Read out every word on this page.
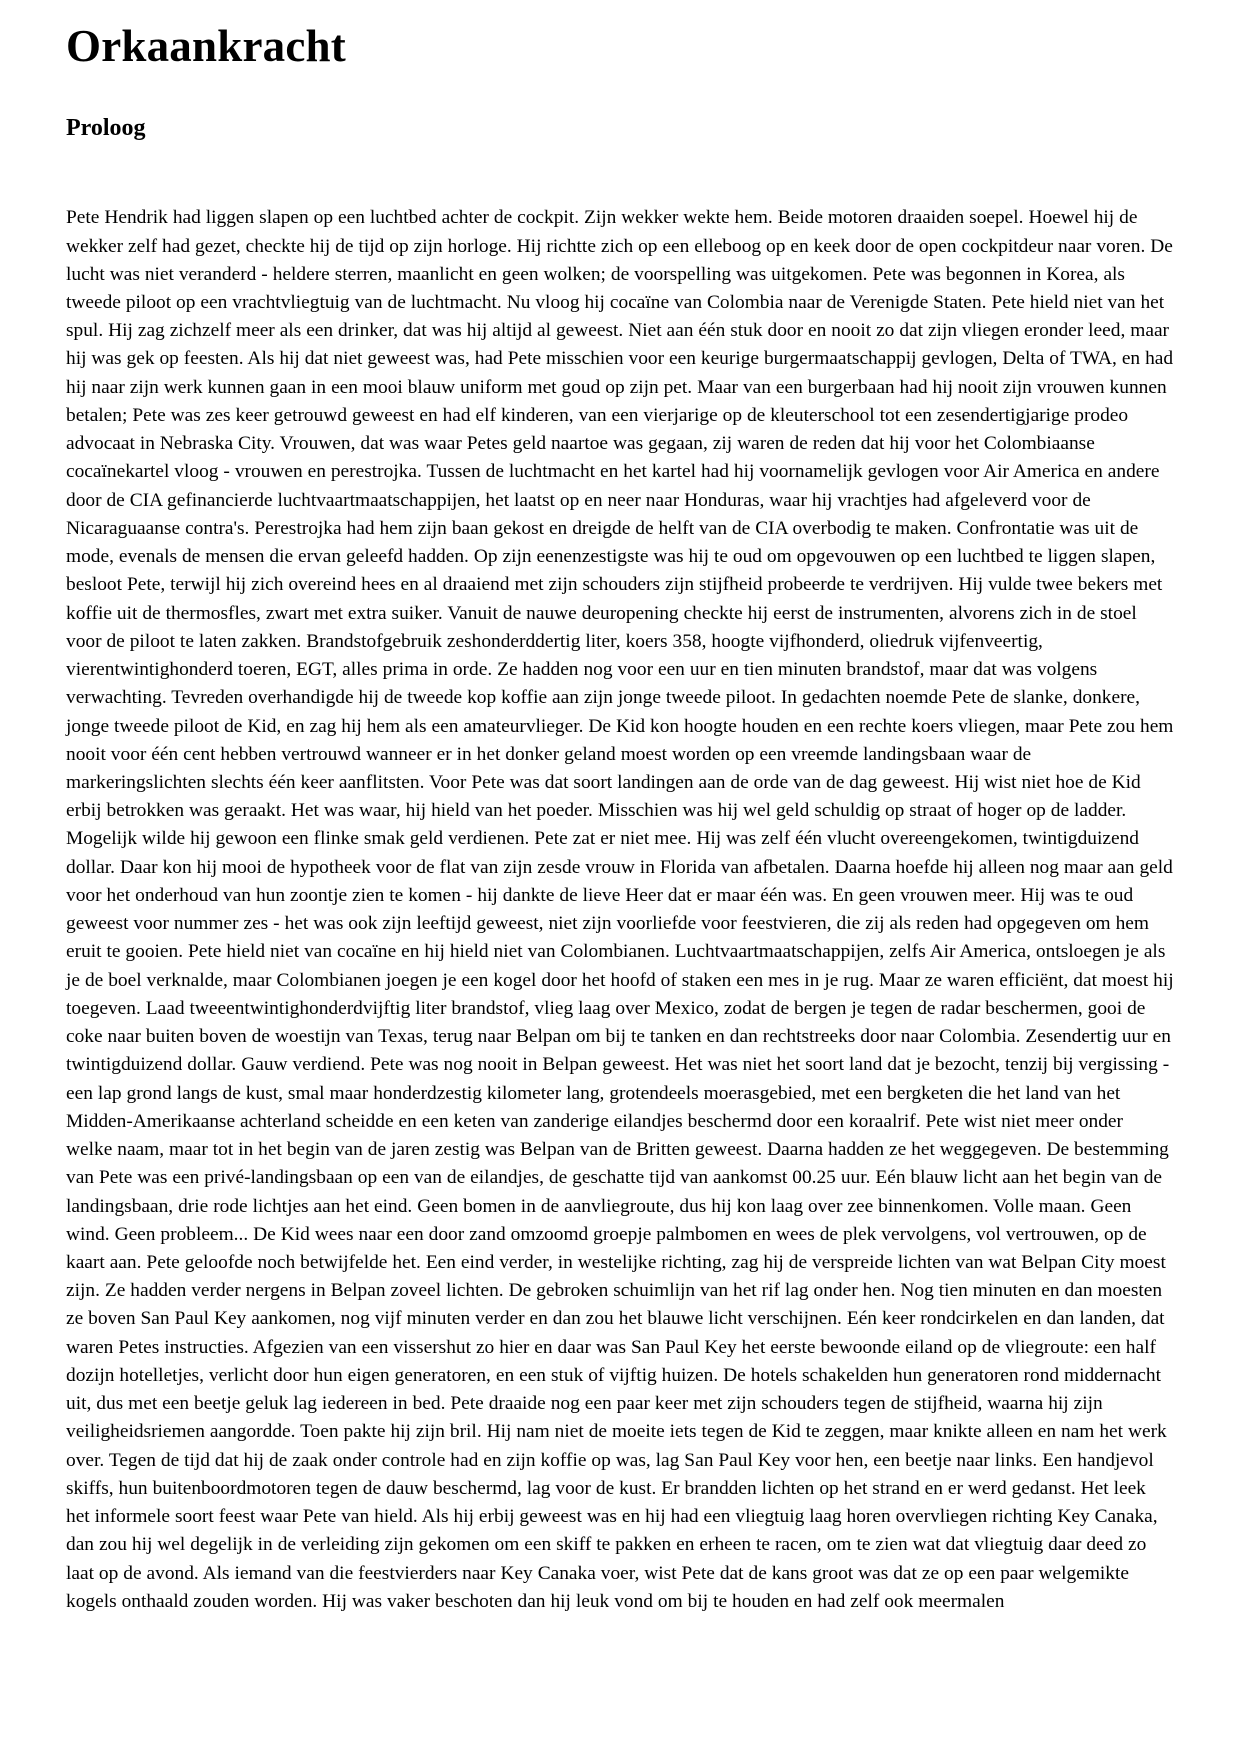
Orkaankracht
Proloog

Pete Hendrik had liggen slapen op een luchtbed achter de cockpit. Zijn wekker wekte hem. Beide motoren draaiden soepel. Hoewel hij de wekker zelf had gezet, checkte hij de tijd op zijn horloge. Hij richtte zich op een elleboog op en keek door de open cockpitdeur naar voren. De lucht was niet veranderd - heldere sterren, maanlicht en geen wolken; de voorspelling was uitgekomen. Pete was begonnen in Korea, als tweede piloot op een vrachtvliegtuig van de luchtmacht. Nu vloog hij cocaïne van Colombia naar de Verenigde Staten. Pete hield niet van het spul. Hij zag zichzelf meer als een drinker, dat was hij altijd al geweest. Niet aan één stuk door en nooit zo dat zijn vliegen eronder leed, maar hij was gek op feesten. Als hij dat niet geweest was, had Pete misschien voor een keurige burgermaatschappij gevlogen, Delta of TWA, en had hij naar zijn werk kunnen gaan in een mooi blauw uniform met goud op zijn pet. Maar van een burgerbaan had hij nooit zijn vrouwen kunnen betalen; Pete was zes keer getrouwd geweest en had elf kinderen, van een vierjarige op de kleuterschool tot een zesendertigjarige prodeo advocaat in Nebraska City. Vrouwen, dat was waar Petes geld naartoe was gegaan, zij waren de reden dat hij voor het Colombiaanse cocaïnekartel vloog - vrouwen en perestrojka. Tussen de luchtmacht en het kartel had hij voornamelijk gevlogen voor Air America en andere door de CIA gefinancierde luchtvaartmaatschappijen, het laatst op en neer naar Honduras, waar hij vrachtjes had afgeleverd voor de Nicaraguaanse contra's. Perestrojka had hem zijn baan gekost en dreigde de helft van de CIA overbodig te maken. Confrontatie was uit de mode, evenals de mensen die ervan geleefd hadden. Op zijn eenenzestigste was hij te oud om opgevouwen op een luchtbed te liggen slapen, besloot Pete, terwijl hij zich overeind hees en al draaiend met zijn schouders zijn stijfheid probeerde te verdrijven. Hij vulde twee bekers met koffie uit de thermosfles, zwart met extra suiker. Vanuit de nauwe deuropening checkte hij eerst de instrumenten, alvorens zich in de stoel voor de piloot te laten zakken. Brandstofgebruik zeshonderddertig liter, koers 358, hoogte vijfhonderd, oliedruk vijfenveertig, vierentwintighonderd toeren, EGT, alles prima in orde. Ze hadden nog voor een uur en tien minuten brandstof, maar dat was volgens verwachting. Tevreden overhandigde hij de tweede kop koffie aan zijn jonge tweede piloot. In gedachten noemde Pete de slanke, donkere, jonge tweede piloot de Kid, en zag hij hem als een amateurvlieger. De Kid kon hoogte houden en een rechte koers vliegen, maar Pete zou hem nooit voor één cent hebben vertrouwd wanneer er in het donker geland moest worden op een vreemde landingsbaan waar de markeringslichten slechts één keer aanflitsten. Voor Pete was dat soort landingen aan de orde van de dag geweest. Hij wist niet hoe de Kid erbij betrokken was geraakt. Het was waar, hij hield van het poeder. Misschien was hij wel geld schuldig op straat of hoger op de ladder. Mogelijk wilde hij gewoon een flinke smak geld verdienen. Pete zat er niet mee. Hij was zelf één vlucht overeengekomen, twintigduizend dollar. Daar kon hij mooi de hypotheek voor de flat van zijn zesde vrouw in Florida van afbetalen. Daarna hoefde hij alleen nog maar aan geld voor het onderhoud van hun zoontje zien te komen - hij dankte de lieve Heer dat er maar één was. En geen vrouwen meer. Hij was te oud geweest voor nummer zes - het was ook zijn leeftijd geweest, niet zijn voorliefde voor feestvieren, die zij als reden had opgegeven om hem eruit te gooien. Pete hield niet van cocaïne en hij hield niet van Colombianen. Luchtvaartmaatschappijen, zelfs Air America, ontsloegen je als je de boel verknalde, maar Colombianen joegen je een kogel door het hoofd of staken een mes in je rug. Maar ze waren efficiënt, dat moest hij toegeven. Laad tweeentwintighonderdvijftig liter brandstof, vlieg laag over Mexico, zodat de bergen je tegen de radar beschermen, gooi de coke naar buiten boven de woestijn van Texas, terug naar Belpan om bij te tanken en dan rechtstreeks door naar Colombia. Zesendertig uur en twintigduizend dollar. Gauw verdiend. Pete was nog nooit in Belpan geweest. Het was niet het soort land dat je bezocht, tenzij bij vergissing - een lap grond langs de kust, smal maar honderdzestig kilometer lang, grotendeels moerasgebied, met een bergketen die het land van het Midden-Amerikaanse achterland scheidde en een keten van zanderige eilandjes beschermd door een koraalrif. Pete wist niet meer onder welke naam, maar tot in het begin van de jaren zestig was Belpan van de Britten geweest. Daarna hadden ze het weggegeven. De bestemming van Pete was een privé-landingsbaan op een van de eilandjes, de geschatte tijd van aankomst 00.25 uur. Eén blauw licht aan het begin van de landingsbaan, drie rode lichtjes aan het eind. Geen bomen in de aanvliegroute, dus hij kon laag over zee binnenkomen. Volle maan. Geen wind. Geen probleem... De Kid wees naar een door zand omzoomd groepje palmbomen en wees de plek vervolgens, vol vertrouwen, op de kaart aan. Pete geloofde noch betwijfelde het. Een eind verder, in westelijke richting, zag hij de verspreide lichten van wat Belpan City moest zijn. Ze hadden verder nergens in Belpan zoveel lichten. De gebroken schuimlijn van het rif lag onder hen. Nog tien minuten en dan moesten ze boven San Paul Key aankomen, nog vijf minuten verder en dan zou het blauwe licht verschijnen. Eén keer rondcirkelen en dan landen, dat waren Petes instructies. Afgezien van een vissershut zo hier en daar was San Paul Key het eerste bewoonde eiland op de vliegroute: een half dozijn hotelletjes, verlicht door hun eigen generatoren, en een stuk of vijftig huizen. De hotels schakelden hun generatoren rond middernacht uit, dus met een beetje geluk lag iedereen in bed. Pete draaide nog een paar keer met zijn schouders tegen de stijfheid, waarna hij zijn veiligheidsriemen aangordde. Toen pakte hij zijn bril. Hij nam niet de moeite iets tegen de Kid te zeggen, maar knikte alleen en nam het werk over. Tegen de tijd dat hij de zaak onder controle had en zijn koffie op was, lag San Paul Key voor hen, een beetje naar links. Een handjevol skiffs, hun buitenboordmotoren tegen de dauw beschermd, lag voor de kust. Er brandden lichten op het strand en er werd gedanst. Het leek het informele soort feest waar Pete van hield. Als hij erbij geweest was en hij had een vliegtuig laag horen overvliegen richting Key Canaka, dan zou hij wel degelijk in de verleiding zijn gekomen om een skiff te pakken en erheen te racen, om te zien wat dat vliegtuig daar deed zo laat op de avond. Als iemand van die feestvierders naar Key Canaka voer, wist Pete dat de kans groot was dat ze op een paar welgemikte kogels onthaald zouden worden. Hij was vaker beschoten dan hij leuk vond om bij te houden en had zelf ook meermalen
